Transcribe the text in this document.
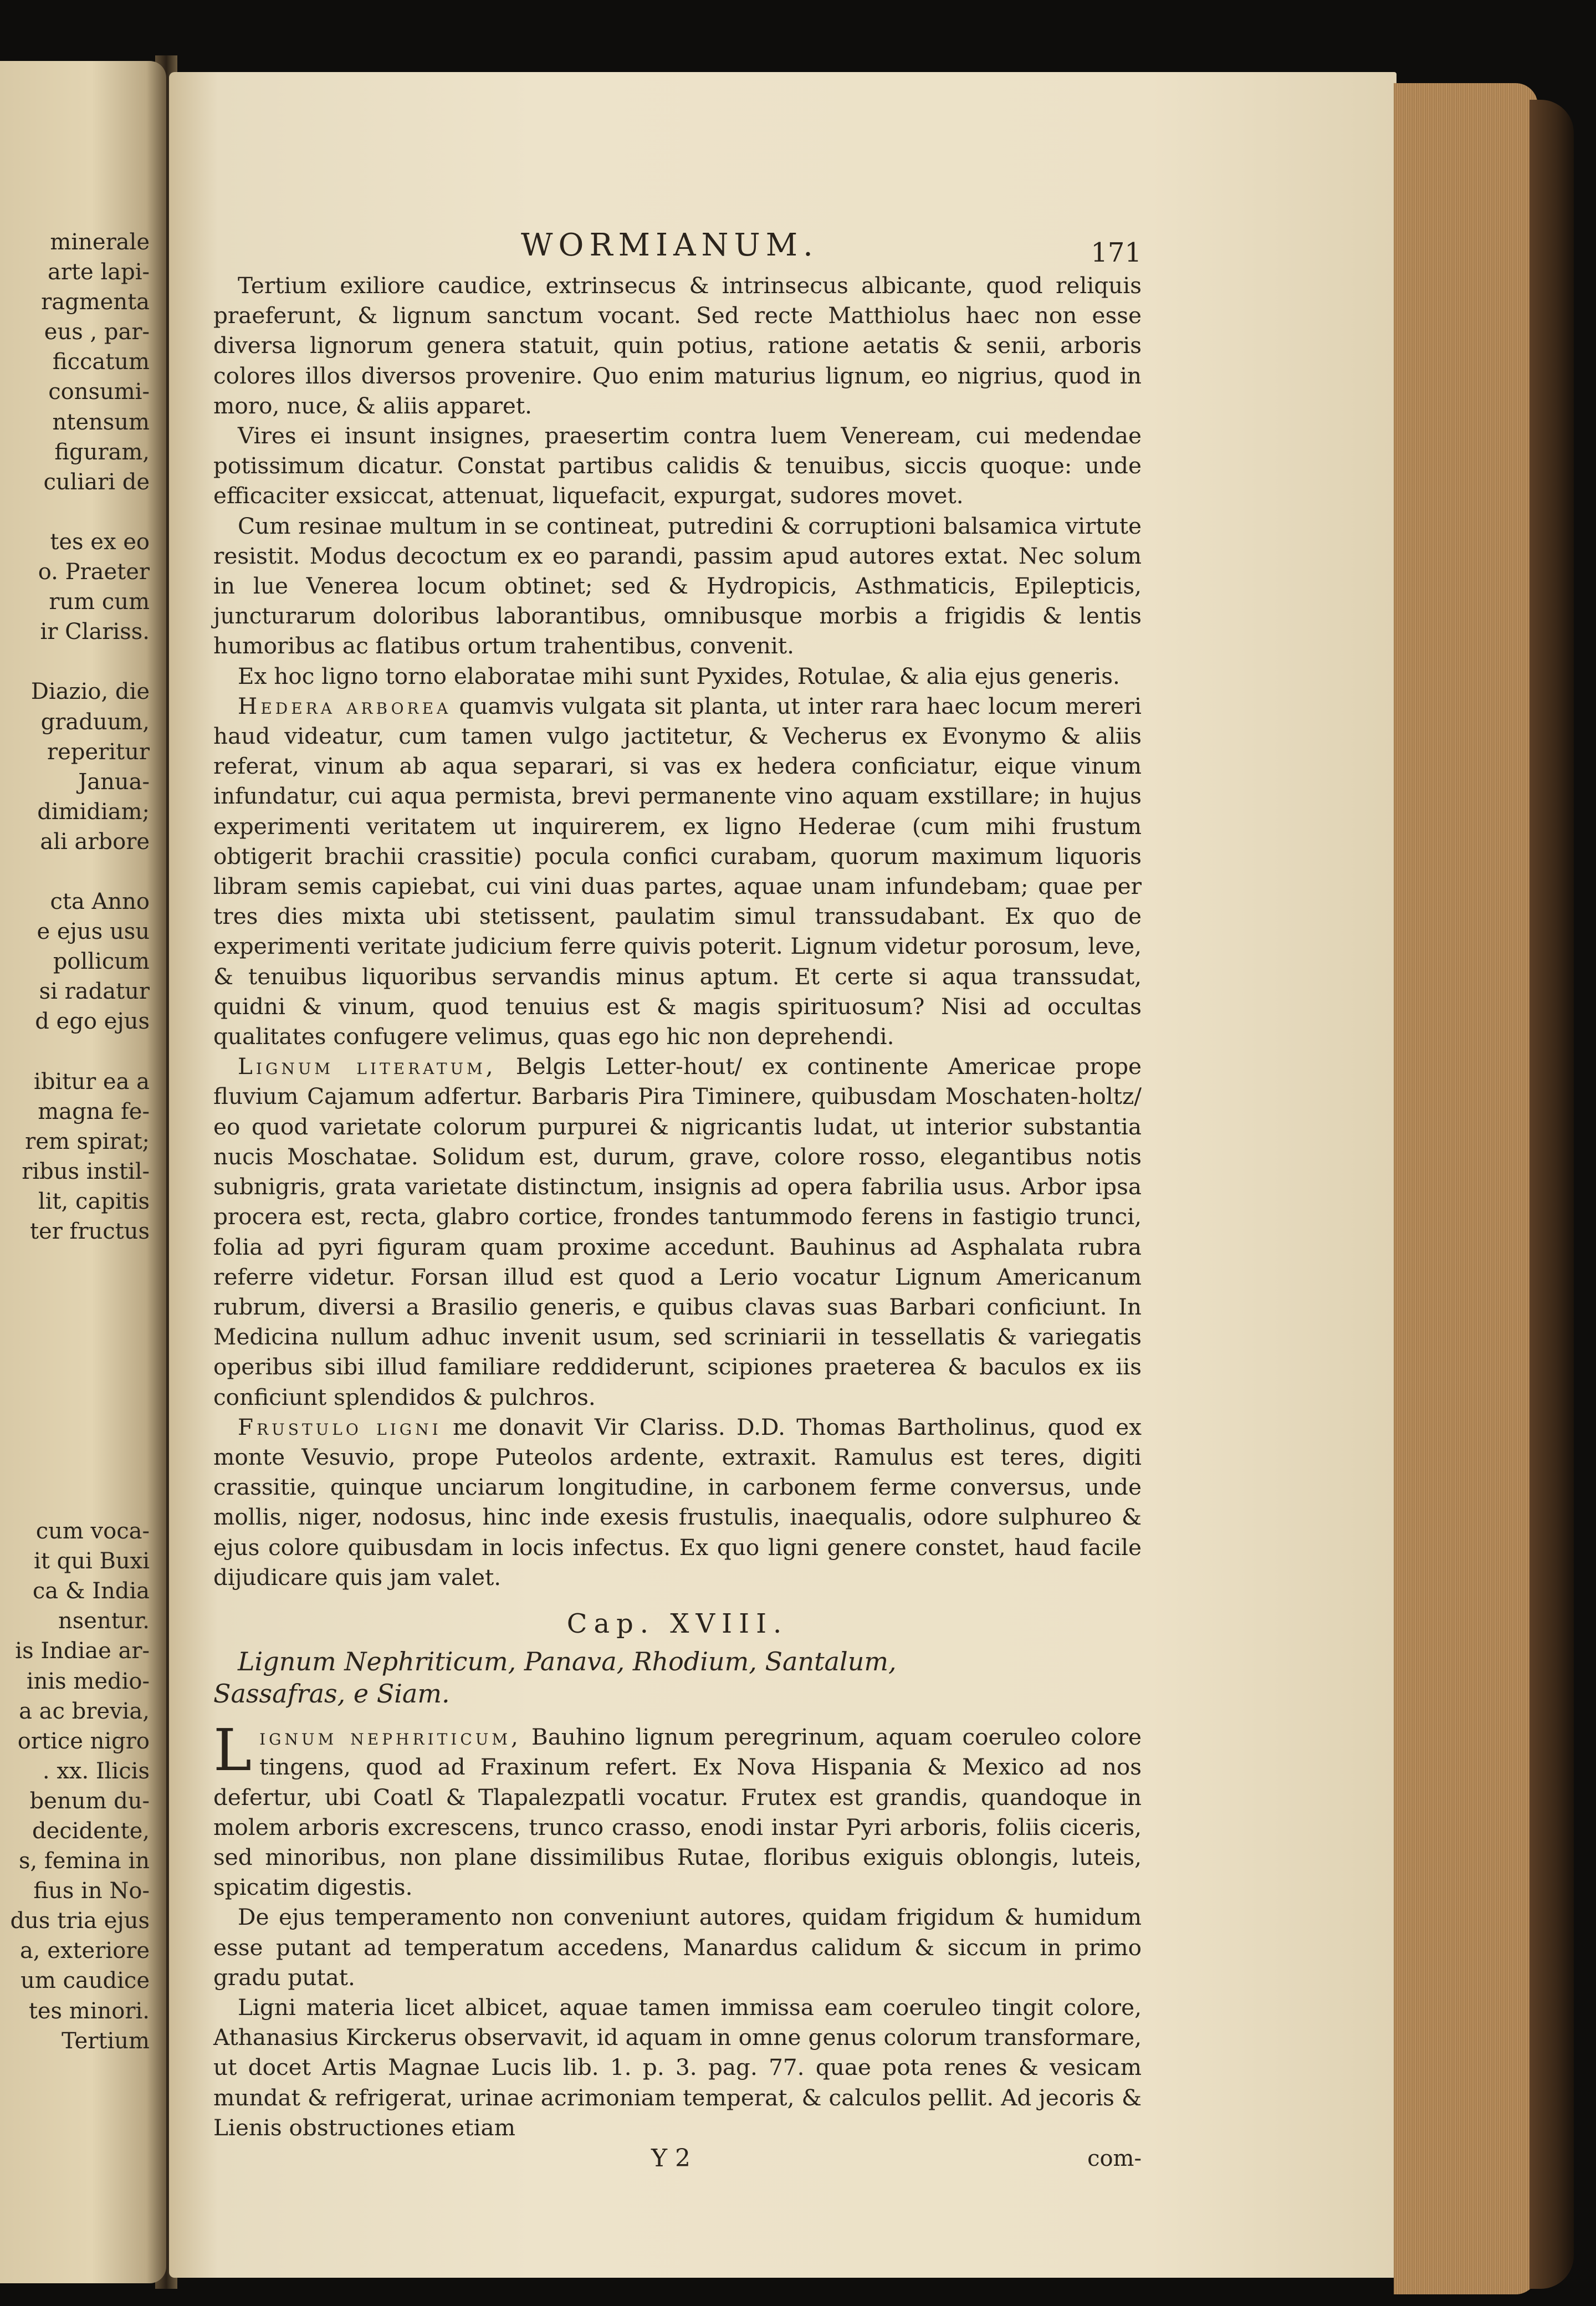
minerale
arte lapi-
ragmenta
eus , par-
ficcatum
consumi-
ntensum
figuram,
culiari de

tes ex eo
o. Praeter
rum cum
ir Clariss.

Diazio, die
graduum,
reperitur
Janua-
dimidiam;
ali arbore

cta Anno
e ejus usu
pollicum
si radatur
d ego ejus

ibitur ea a
magna fe-
rem spirat;
ribus instil-
lit, capitis
ter fructus

cum voca-
it qui Buxi
ca & India
nsentur.
is Indiae ar-
inis medio-
a ac brevia,
ortice nigro
. xx. Ilicis
benum du-
decidente,
s, femina in
fius in No-
dus tria ejus
a, exteriore
um caudice
tes minori.
Tertium
WORMIANUM.	171

Tertium exiliore caudice, extrinsecus & intrinsecus albicante, quod reliquis praeferunt, & lignum sanctum vocant. Sed recte Matthiolus haec non esse diversa lignorum genera statuit, quin potius, ratione aetatis & senii, arboris colores illos diversos provenire. Quo enim maturius lignum, eo nigrius, quod in moro, nuce, & aliis apparet.

Vires ei insunt insignes, praesertim contra luem Veneream, cui medendae potissimum dicatur. Constat partibus calidis & tenuibus, siccis quoque: unde efficaciter exsiccat, attenuat, liquefacit, expurgat, sudores movet.

Cum resinae multum in se contineat, putredini & corruptioni balsamica virtute resistit. Modus decoctum ex eo parandi, passim apud autores extat. Nec solum in lue Venerea locum obtinet; sed & Hydropicis, Asthmaticis, Epilepticis, juncturarum doloribus laborantibus, omnibusque morbis a frigidis & lentis humoribus ac flatibus ortum trahentibus, convenit.

Ex hoc ligno torno elaboratae mihi sunt Pyxides, Rotulae, & alia ejus generis.

Hedera arborea quamvis vulgata sit planta, ut inter rara haec locum mereri haud videatur, cum tamen vulgo jactitetur, & Vecherus ex Evonymo & aliis referat, vinum ab aqua separari, si vas ex hedera conficiatur, eique vinum infundatur, cui aqua permista, brevi permanente vino aquam exstillare; in hujus experimenti veritatem ut inquirerem, ex ligno Hederae (cum mihi frustum obtigerit brachii crassitie) pocula confici curabam, quorum maximum liquoris libram semis capiebat, cui vini duas partes, aquae unam infundebam; quae per tres dies mixta ubi stetissent, paulatim simul transsudabant. Ex quo de experimenti veritate judicium ferre quivis poterit. Lignum videtur porosum, leve, & tenuibus liquoribus servandis minus aptum. Et certe si aqua transsudat, quidni & vinum, quod tenuius est & magis spirituosum? Nisi ad occultas qualitates confugere velimus, quas ego hic non deprehendi.

Lignum literatum, Belgis Letter-hout/ ex continente Americae prope fluvium Cajamum adfertur. Barbaris Pira Timinere, quibusdam Moschaten-holtz/ eo quod varietate colorum purpurei & nigricantis ludat, ut interior substantia nucis Moschatae. Solidum est, durum, grave, colore rosso, elegantibus notis subnigris, grata varietate distinctum, insignis ad opera fabrilia usus. Arbor ipsa procera est, recta, glabro cortice, frondes tantummodo ferens in fastigio trunci, folia ad pyri figuram quam proxime accedunt. Bauhinus ad Asphalata rubra referre videtur. Forsan illud est quod a Lerio vocatur Lignum Americanum rubrum, diversi a Brasilio generis, e quibus clavas suas Barbari conficiunt. In Medicina nullum adhuc invenit usum, sed scriniarii in tessellatis & variegatis operibus sibi illud familiare reddiderunt, scipiones praeterea & baculos ex iis conficiunt splendidos & pulchros.

Frustulo ligni me donavit Vir Clariss. D.D. Thomas Bartholinus, quod ex monte Vesuvio, prope Puteolos ardente, extraxit. Ramulus est teres, digiti crassitie, quinque unciarum longitudine, in carbonem ferme conversus, unde mollis, niger, nodosus, hinc inde exesis frustulis, inaequalis, odore sulphureo & ejus colore quibusdam in locis infectus. Ex quo ligni genere constet, haud facile dijudicare quis jam valet.

Cap. XVIII.

Lignum Nephriticum, Panava, Rhodium, Santalum,
Sassafras, e Siam.

Lignum nephriticum, Bauhino lignum peregrinum, aquam coeruleo colore tingens, quod ad Fraxinum refert. Ex Nova Hispania & Mexico ad nos defertur, ubi Coatl & Tlapalezpatli vocatur. Frutex est grandis, quandoque in molem arboris excrescens, trunco crasso, enodi instar Pyri arboris, foliis ciceris, sed minoribus, non plane dissimilibus Rutae, floribus exiguis oblongis, luteis, spicatim digestis.

De ejus temperamento non conveniunt autores, quidam frigidum & humidum esse putant ad temperatum accedens, Manardus calidum & siccum in primo gradu putat.

Ligni materia licet albicet, aquae tamen immissa eam coeruleo tingit colore, Athanasius Kirckerus observavit, id aquam in omne genus colorum transformare, ut docet Artis Magnae Lucis lib. 1. p. 3. pag. 77. quae pota renes & vesicam mundat & refrigerat, urinae acrimoniam temperat, & calculos pellit. Ad jecoris & Lienis obstructiones etiam

Y 2	com-
